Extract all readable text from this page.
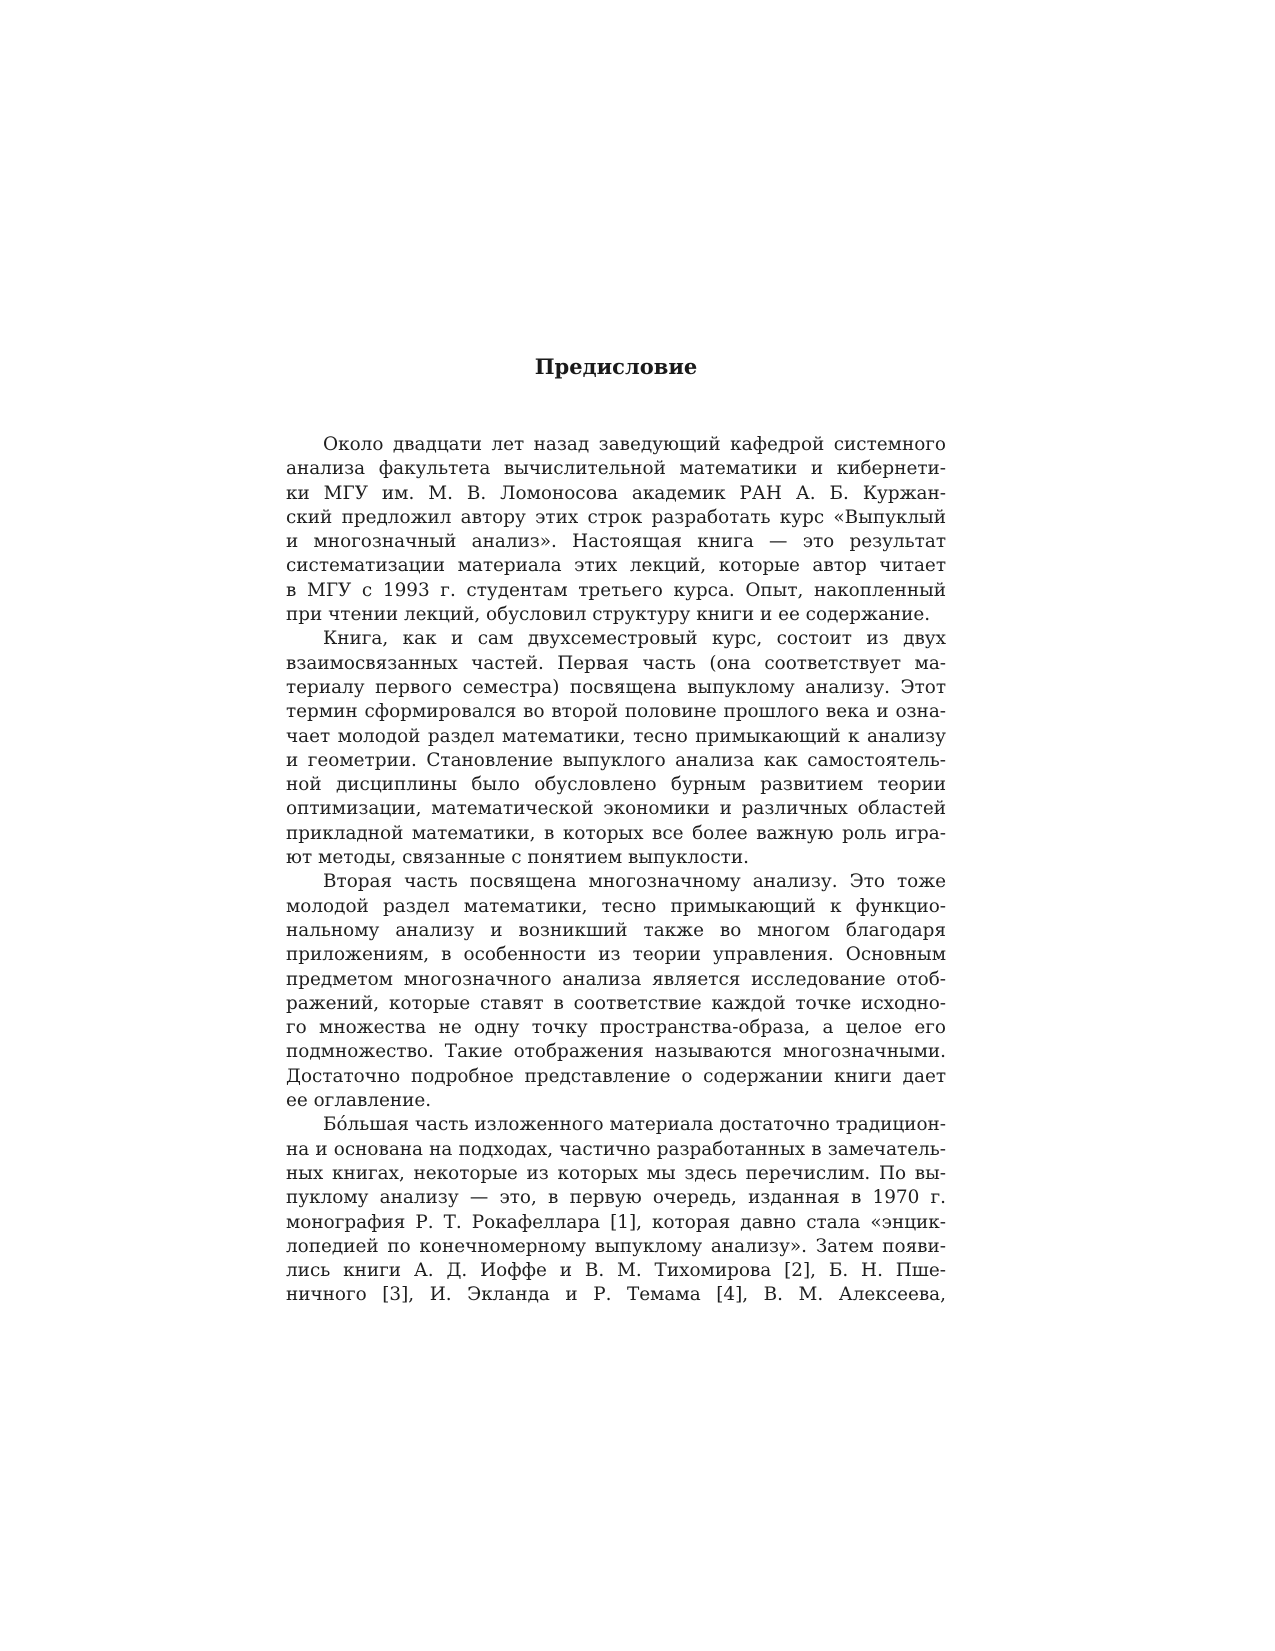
Предисловие
Около двадцати лет назад заведующий кафедрой системного
анализа факультета вычислительной математики и кибернети-
ки МГУ им. М. В. Ломоносова академик РАН А. Б. Куржан-
ский предложил автору этих строк разработать курс «Выпуклый
и многозначный анализ». Настоящая книга — это результат
систематизации материала этих лекций, которые автор читает
в МГУ с 1993 г. студентам третьего курса. Опыт, накопленный
при чтении лекций, обусловил структуру книги и ее содержание.
Книга, как и сам двухсеместровый курс, состоит из двух
взаимосвязанных частей. Первая часть (она соответствует ма-
териалу первого семестра) посвящена выпуклому анализу. Этот
термин сформировался во второй половине прошлого века и озна-
чает молодой раздел математики, тесно примыкающий к анализу
и геометрии. Становление выпуклого анализа как самостоятель-
ной дисциплины было обусловлено бурным развитием теории
оптимизации, математической экономики и различных областей
прикладной математики, в которых все более важную роль игра-
ют методы, связанные с понятием выпуклости.
Вторая часть посвящена многозначному анализу. Это тоже
молодой раздел математики, тесно примыкающий к функцио-
нальному анализу и возникший также во многом благодаря
приложениям, в особенности из теории управления. Основным
предметом многозначного анализа является исследование отоб-
ражений, которые ставят в соответствие каждой точке исходно-
го множества не одну точку пространства-образа, а целое его
подмножество. Такие отображения называются многозначными.
Достаточно подробное представление о содержании книги дает
ее оглавление.
Бóльшая часть изложенного материала достаточно традицион-
на и основана на подходах, частично разработанных в замечатель-
ных книгах, некоторые из которых мы здесь перечислим. По вы-
пуклому анализу — это, в первую очередь, изданная в 1970 г.
монография Р. Т. Рокафеллара [1], которая давно стала «энцик-
лопедией по конечномерному выпуклому анализу». Затем появи-
лись книги А. Д. Иоффе и В. М. Тихомирова [2], Б. Н. Пше-
ничного [3], И. Экланда и Р. Темама [4], В. М. Алексеева,
